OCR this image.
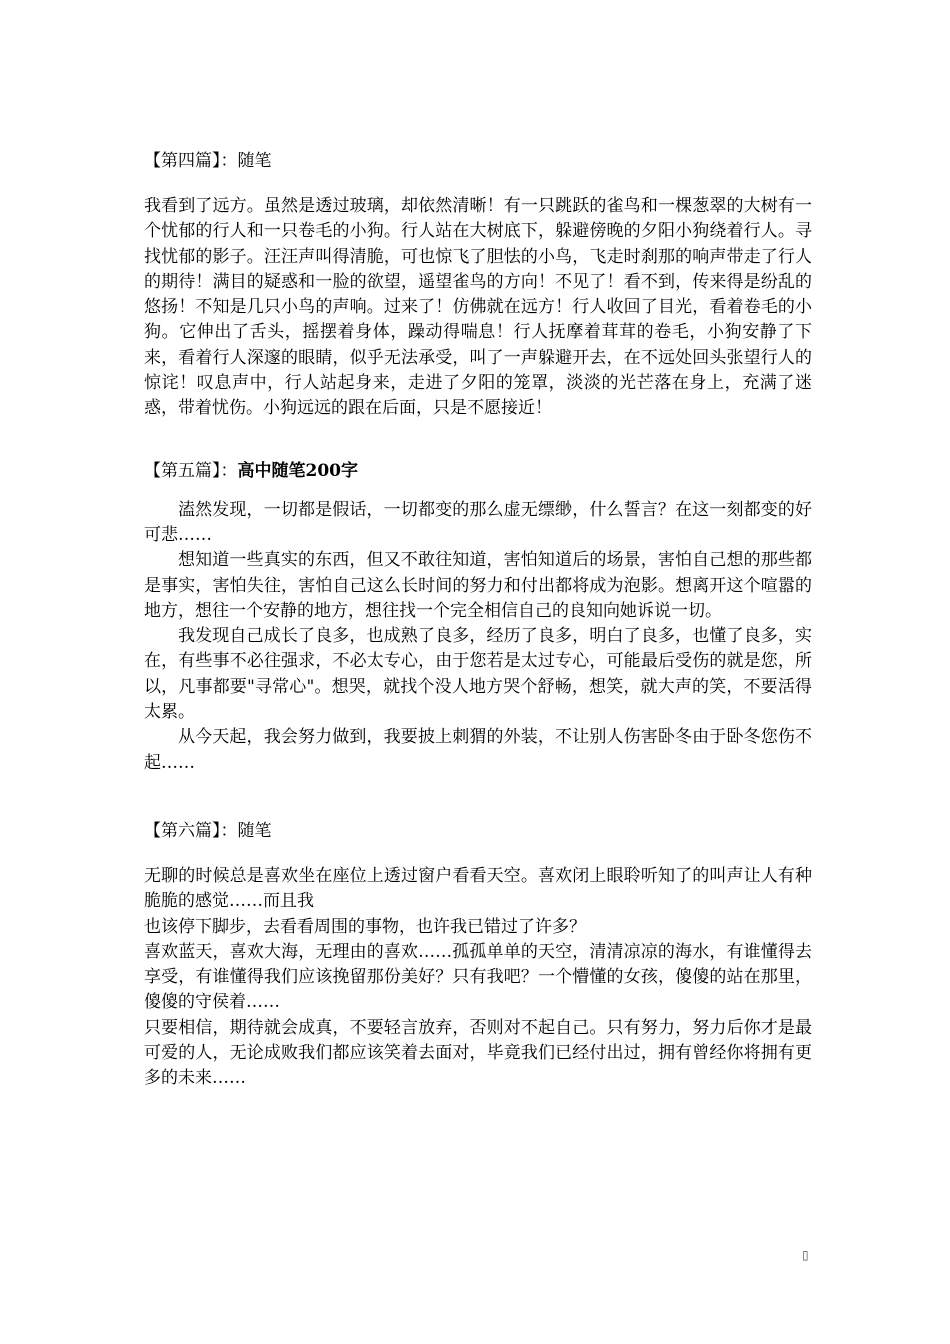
【第四篇】：随笔

我看到了远方。虽然是透过玻璃，却依然清晰！有一只跳跃的雀鸟和一棵葱翠的大树有一个忧郁的行人和一只卷毛的小狗。行人站在大树底下，躲避傍晚的夕阳小狗绕着行人。寻找忧郁的影子。汪汪声叫得清脆，可也惊飞了胆怯的小鸟，飞走时刹那的响声带走了行人的期待！满目的疑惑和一脸的欲望，遥望雀鸟的方向！不见了！看不到，传来得是纷乱的悠扬！不知是几只小鸟的声响。过来了！仿佛就在远方！行人收回了目光，看着卷毛的小狗。它伸出了舌头，摇摆着身体，躁动得喘息！行人抚摩着茸茸的卷毛，小狗安静了下来，看着行人深邃的眼睛，似乎无法承受，叫了一声躲避开去，在不远处回头张望行人的惊诧！叹息声中，行人站起身来，走进了夕阳的笼罩，淡淡的光芒落在身上，充满了迷惑，带着忧伤。小狗远远的跟在后面，只是不愿接近！

【第五篇】：高中随笔200字

溘然发现，一切都是假话，一切都变的那么虚无缥缈，什么誓言？在这一刻都变的好可悲……

想知道一些真实的东西，但又不敢往知道，害怕知道后的场景，害怕自己想的那些都是事实，害怕失往，害怕自己这么长时间的努力和付出都将成为泡影。想离开这个喧嚣的地方，想往一个安静的地方，想往找一个完全相信自己的良知向她诉说一切。

我发现自己成长了良多，也成熟了良多，经历了良多，明白了良多，也懂了良多，实在，有些事不必往强求，不必太专心，由于您若是太过专心，可能最后受伤的就是您，所以，凡事都要"寻常心"。想哭，就找个没人地方哭个舒畅，想笑，就大声的笑，不要活得太累。

从今天起，我会努力做到，我要披上刺猬的外装，不让别人伤害卧冬由于卧冬您伤不起……

【第六篇】：随笔

无聊的时候总是喜欢坐在座位上透过窗户看看天空。喜欢闭上眼聆听知了的叫声让人有种脆脆的感觉……而且我

也该停下脚步，去看看周围的事物，也许我已错过了许多？

喜欢蓝天，喜欢大海，无理由的喜欢……孤孤单单的天空，清清凉凉的海水，有谁懂得去享受，有谁懂得我们应该挽留那份美好？只有我吧？一个懵懂的女孩，傻傻的站在那里，傻傻的守侯着……

只要相信，期待就会成真，不要轻言放弃，否则对不起自己。只有努力，努力后你才是最可爱的人，无论成败我们都应该笑着去面对，毕竟我们已经付出过，拥有曾经你将拥有更多的未来……

▯
